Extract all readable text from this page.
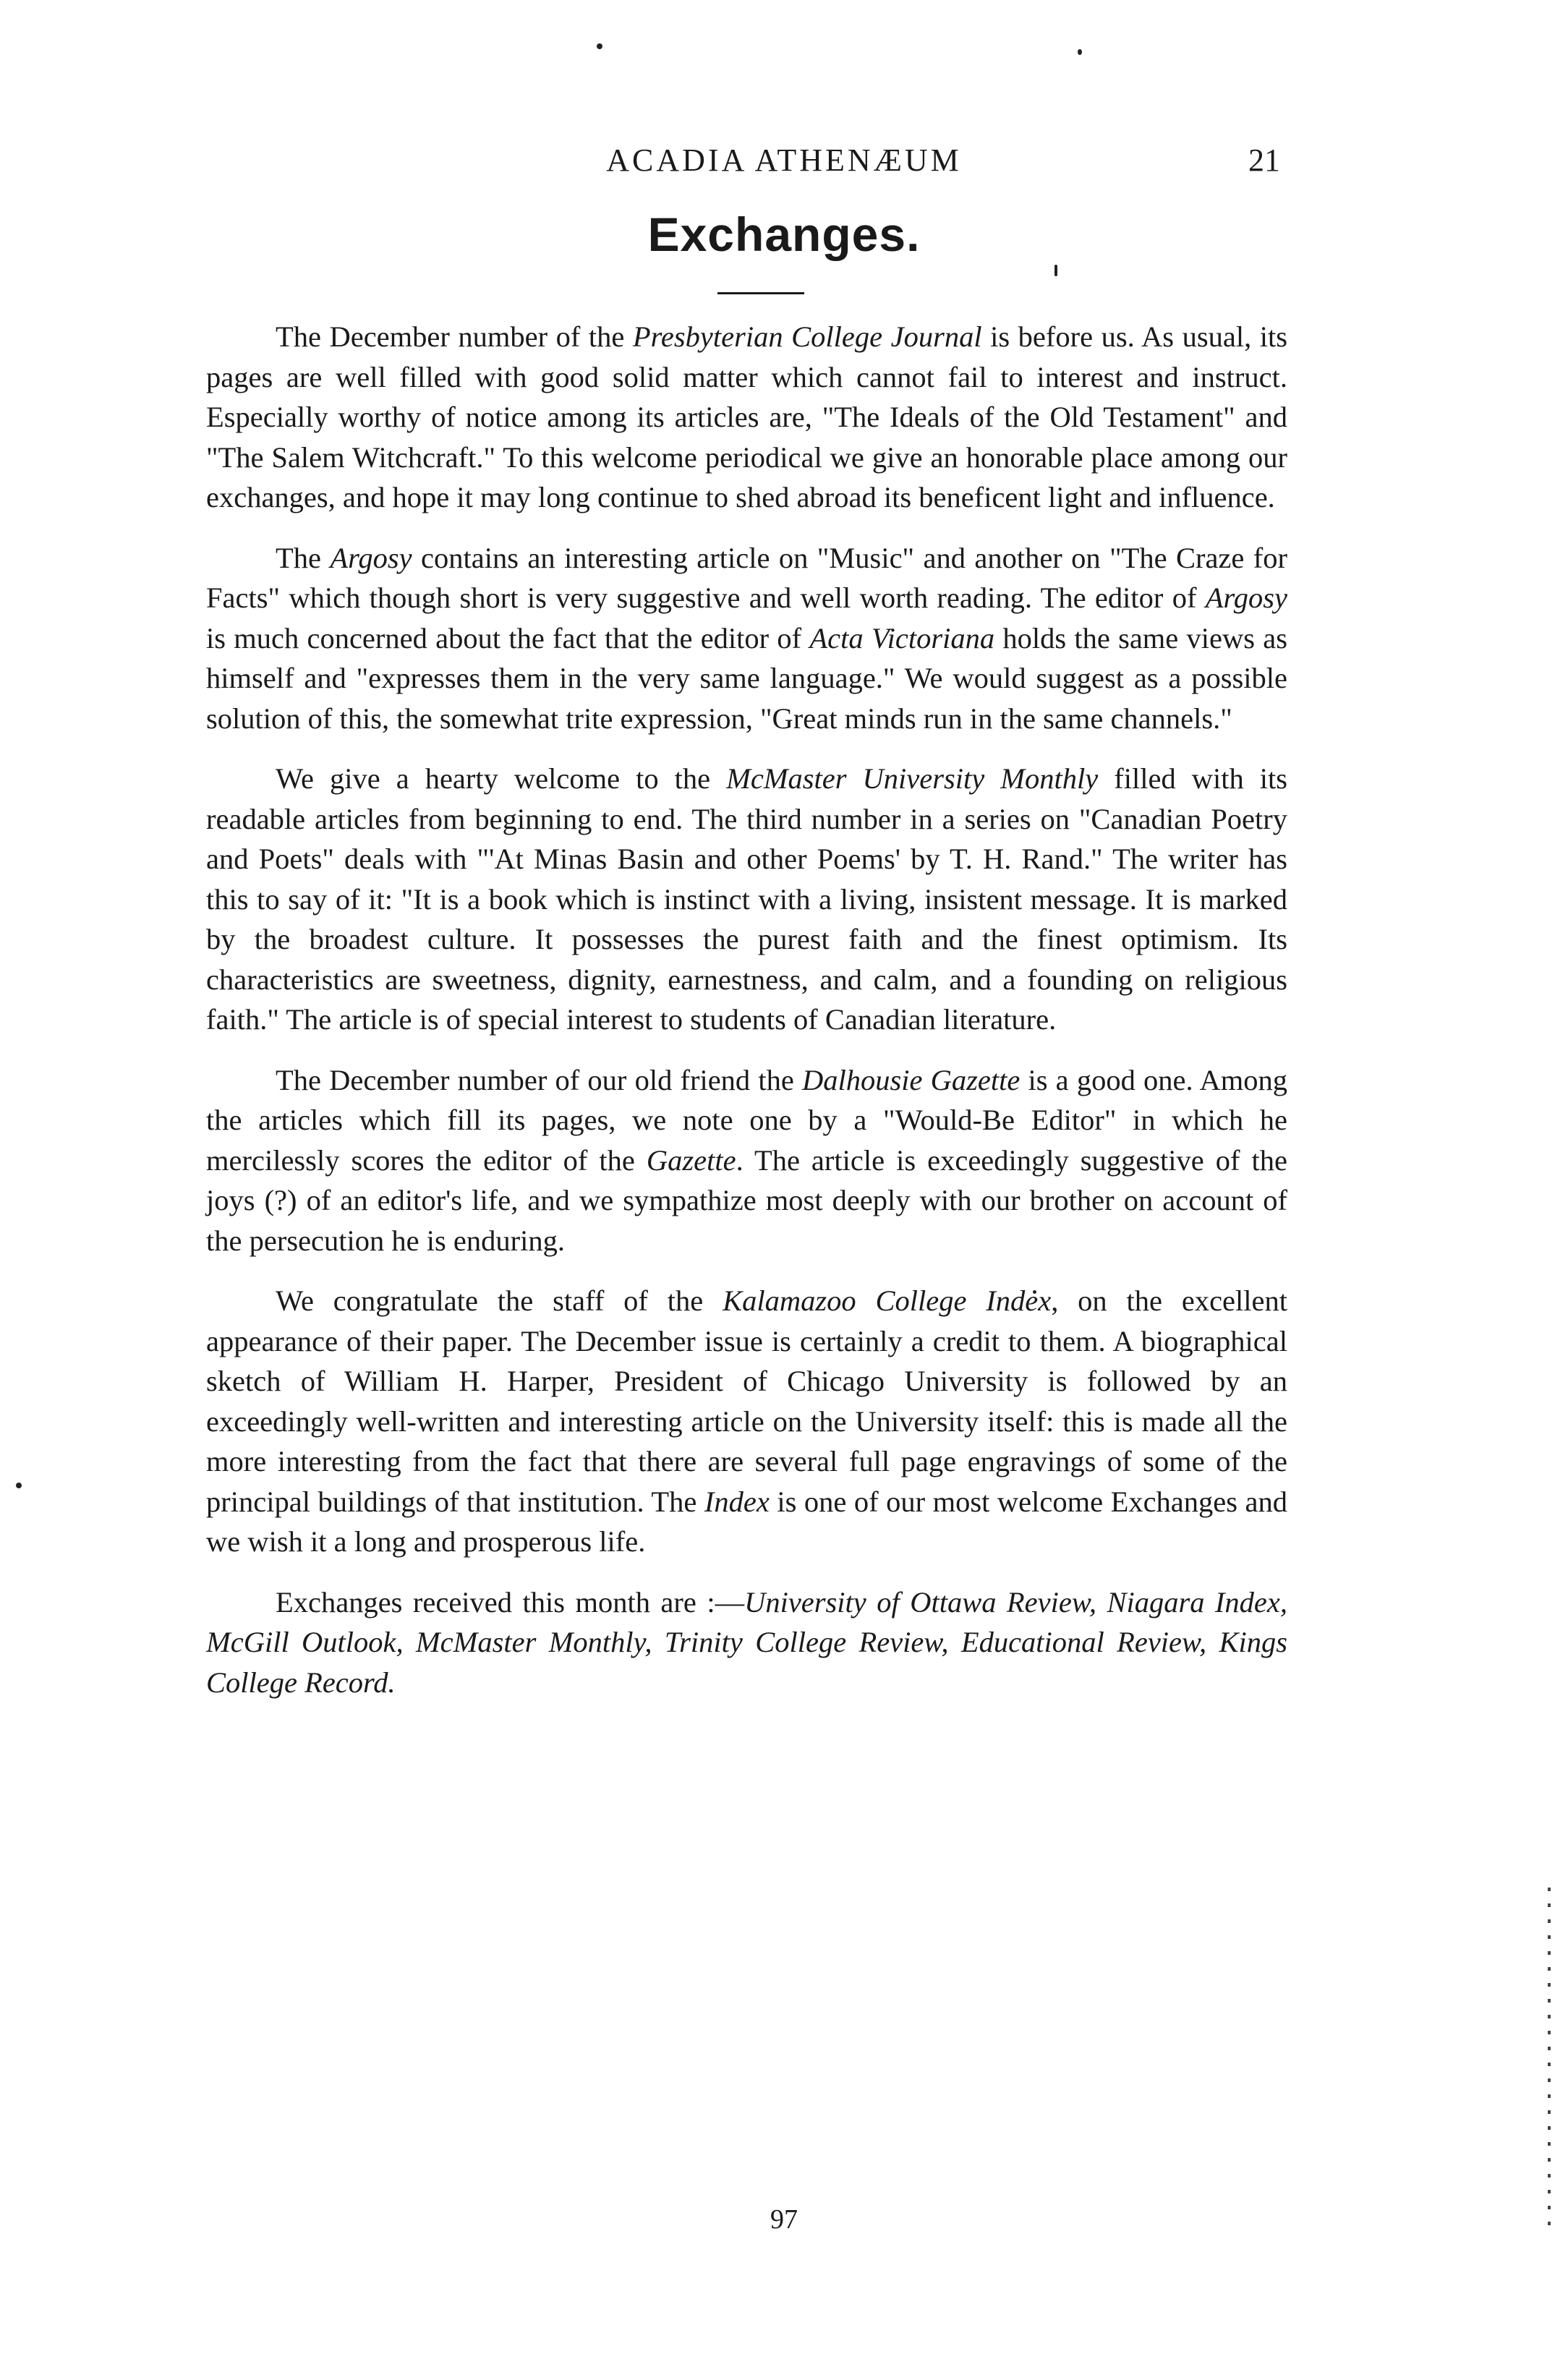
ACADIA ATHENÆUM	21
Exchanges.

The December number of the Presbyterian College Journal is before us. As usual, its pages are well filled with good solid matter which cannot fail to interest and instruct. Especially worthy of notice among its articles are, "The Ideals of the Old Testament" and "The Salem Witchcraft." To this welcome periodical we give an honorable place among our exchanges, and hope it may long continue to shed abroad its beneficent light and influence.

The Argosy contains an interesting article on "Music" and another on "The Craze for Facts" which though short is very suggestive and well worth reading. The editor of Argosy is much concerned about the fact that the editor of Acta Victoriana holds the same views as himself and "expresses them in the very same language." We would suggest as a possible solution of this, the somewhat trite expression, "Great minds run in the same channels."

We give a hearty welcome to the McMaster University Monthly filled with its readable articles from beginning to end. The third number in a series on "Canadian Poetry and Poets" deals with "'At Minas Basin and other Poems' by T. H. Rand." The writer has this to say of it: "It is a book which is instinct with a living, insistent message. It is marked by the broadest culture. It possesses the purest faith and the finest optimism. Its characteristics are sweetness, dignity, earnestness, and calm, and a founding on religious faith." The article is of special interest to students of Canadian literature.

The December number of our old friend the Dalhousie Gazette is a good one. Among the articles which fill its pages, we note one by a "Would-Be Editor" in which he mercilessly scores the editor of the Gazette. The article is exceedingly suggestive of the joys (?) of an editor's life, and we sympathize most deeply with our brother on account of the persecution he is enduring.

We congratulate the staff of the Kalamazoo College Index, on the excellent appearance of their paper. The December issue is certainly a credit to them. A biographical sketch of William H. Harper, President of Chicago University is followed by an exceedingly well-written and interesting article on the University itself: this is made all the more interesting from the fact that there are several full page engravings of some of the principal buildings of that institution. The Index is one of our most welcome Exchanges and we wish it a long and prosperous life.

Exchanges received this month are :—University of Ottawa Review, Niagara Index, McGill Outlook, McMaster Monthly, Trinity College Review, Educational Review, Kings College Record.

97
